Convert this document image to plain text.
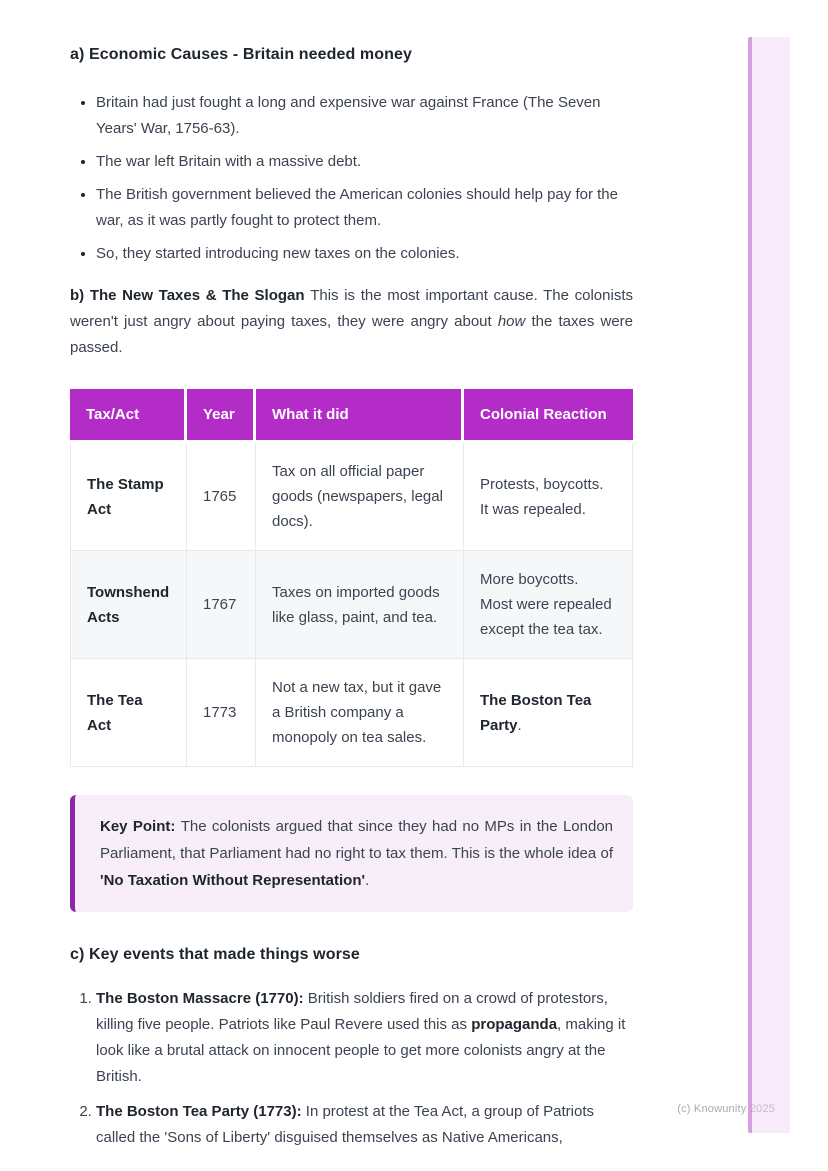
a) Economic Causes - Britain needed money
• Britain had just fought a long and expensive war against France (The Seven Years' War, 1756-63).
• The war left Britain with a massive debt.
• The British government believed the American colonies should help pay for the war, as it was partly fought to protect them.
• So, they started introducing new taxes on the colonies.

b) The New Taxes & The Slogan This is the most important cause. The colonists weren't just angry about paying taxes, they were angry about how the taxes were passed.

Tax/Act	Year	What it did	Colonial Reaction
The Stamp Act	1765	Tax on all official paper goods (newspapers, legal docs).	Protests, boycotts.
It was repealed.
Townshend Acts	1767	Taxes on imported goods like glass, paint, and tea.	More boycotts.
Most were repealed except the tea tax.
The Tea Act	1773	Not a new tax, but it gave a British company a monopoly on tea sales.	The Boston Tea Party.

Key Point: The colonists argued that since they had no MPs in the London Parliament, that Parliament had no right to tax them. This is the whole idea of 'No Taxation Without Representation'.

c) Key events that made things worse
1. The Boston Massacre (1770): British soldiers fired on a crowd of protestors, killing five people. Patriots like Paul Revere used this as propaganda, making it look like a brutal attack on innocent people to get more colonists angry at the British.
2. The Boston Tea Party (1773): In protest at the Tea Act, a group of Patriots called the 'Sons of Liberty' disguised themselves as Native Americans,
(c) Knowunity 2025
